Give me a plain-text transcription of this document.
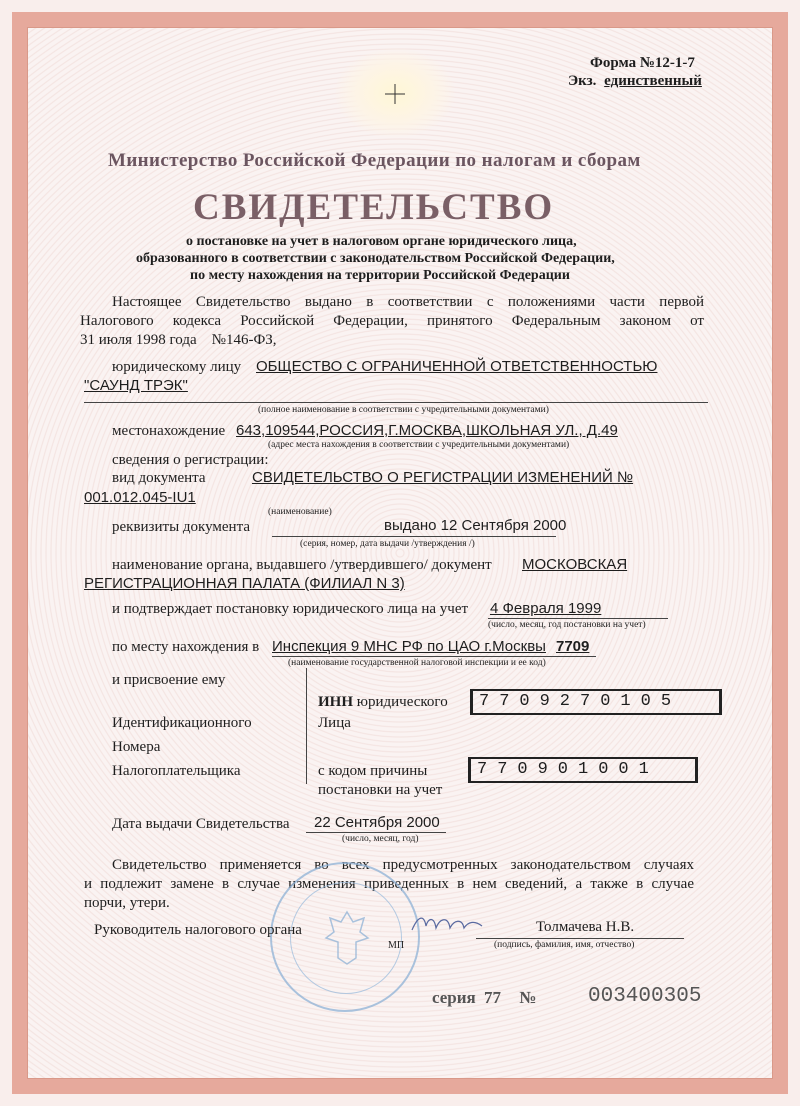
Форма №12-1-7
Экз. единственный
Министерство Российской Федерации по налогам и сборам
СВИДЕТЕЛЬСТВО
о постановке на учет в налоговом органе юридического лица,
образованного в соответствии с законодательством Российской Федерации,
по месту нахождения на территории Российской Федерации
Настоящее Свидетельство выдано в соответствии с положениями части первой
Налогового кодекса Российской Федерации, принятого Федеральным законом от
31 июля 1998 года    №146-ФЗ,
юридическому лицу ОБЩЕСТВО С ОГРАНИЧЕННОЙ ОТВЕТСТВЕННОСТЬЮ
"САУНД ТРЭК"
(полное наименование в соответствии с учредительными документами)
местонахождение 643,109544,РОССИЯ,Г.МОСКВА,ШКОЛЬНАЯ УЛ., Д.49
(адрес места нахождения в соответствии с учредительными документами)
сведения о регистрации:
вид документа	СВИДЕТЕЛЬСТВО О РЕГИСТРАЦИИ ИЗМЕНЕНИЙ №
001.012.045-IU1
(наименование)
реквизиты документа	выдано 12 Сентября 2000
(серия, номер, дата выдачи /утверждения /)
наименование органа, выдавшего /утвердившего/ документ МОСКОВСКАЯ
РЕГИСТРАЦИОННАЯ ПАЛАТА (ФИЛИАЛ N 3)
и подтверждает постановку юридического лица на учет 4 Февраля 1999
(число, месяц, год постановки на учет)
по месту нахождения в Инспекция 9 МНС РФ по ЦАО г.Москвы 7709
(наименование государственной налоговой инспекции и ее код)
и присвоение ему
Идентификационного
Номера
Налогоплательщика
ИНН юридического
Лица
7709270105
с кодом причины
постановки на учет
770901001
Дата выдачи Свидетельства 22 Сентября 2000
(число, месяц, год)
Свидетельство применяется во всех предусмотренных законодательством случаях
и подлежит замене в случае изменения приведенных в нем сведений, а также в случае
порчи, утери.
Руководитель налогового органа
МП
Толмачева Н.В.
(подпись, фамилия, имя, отчество)
серия 77 № 003400305
